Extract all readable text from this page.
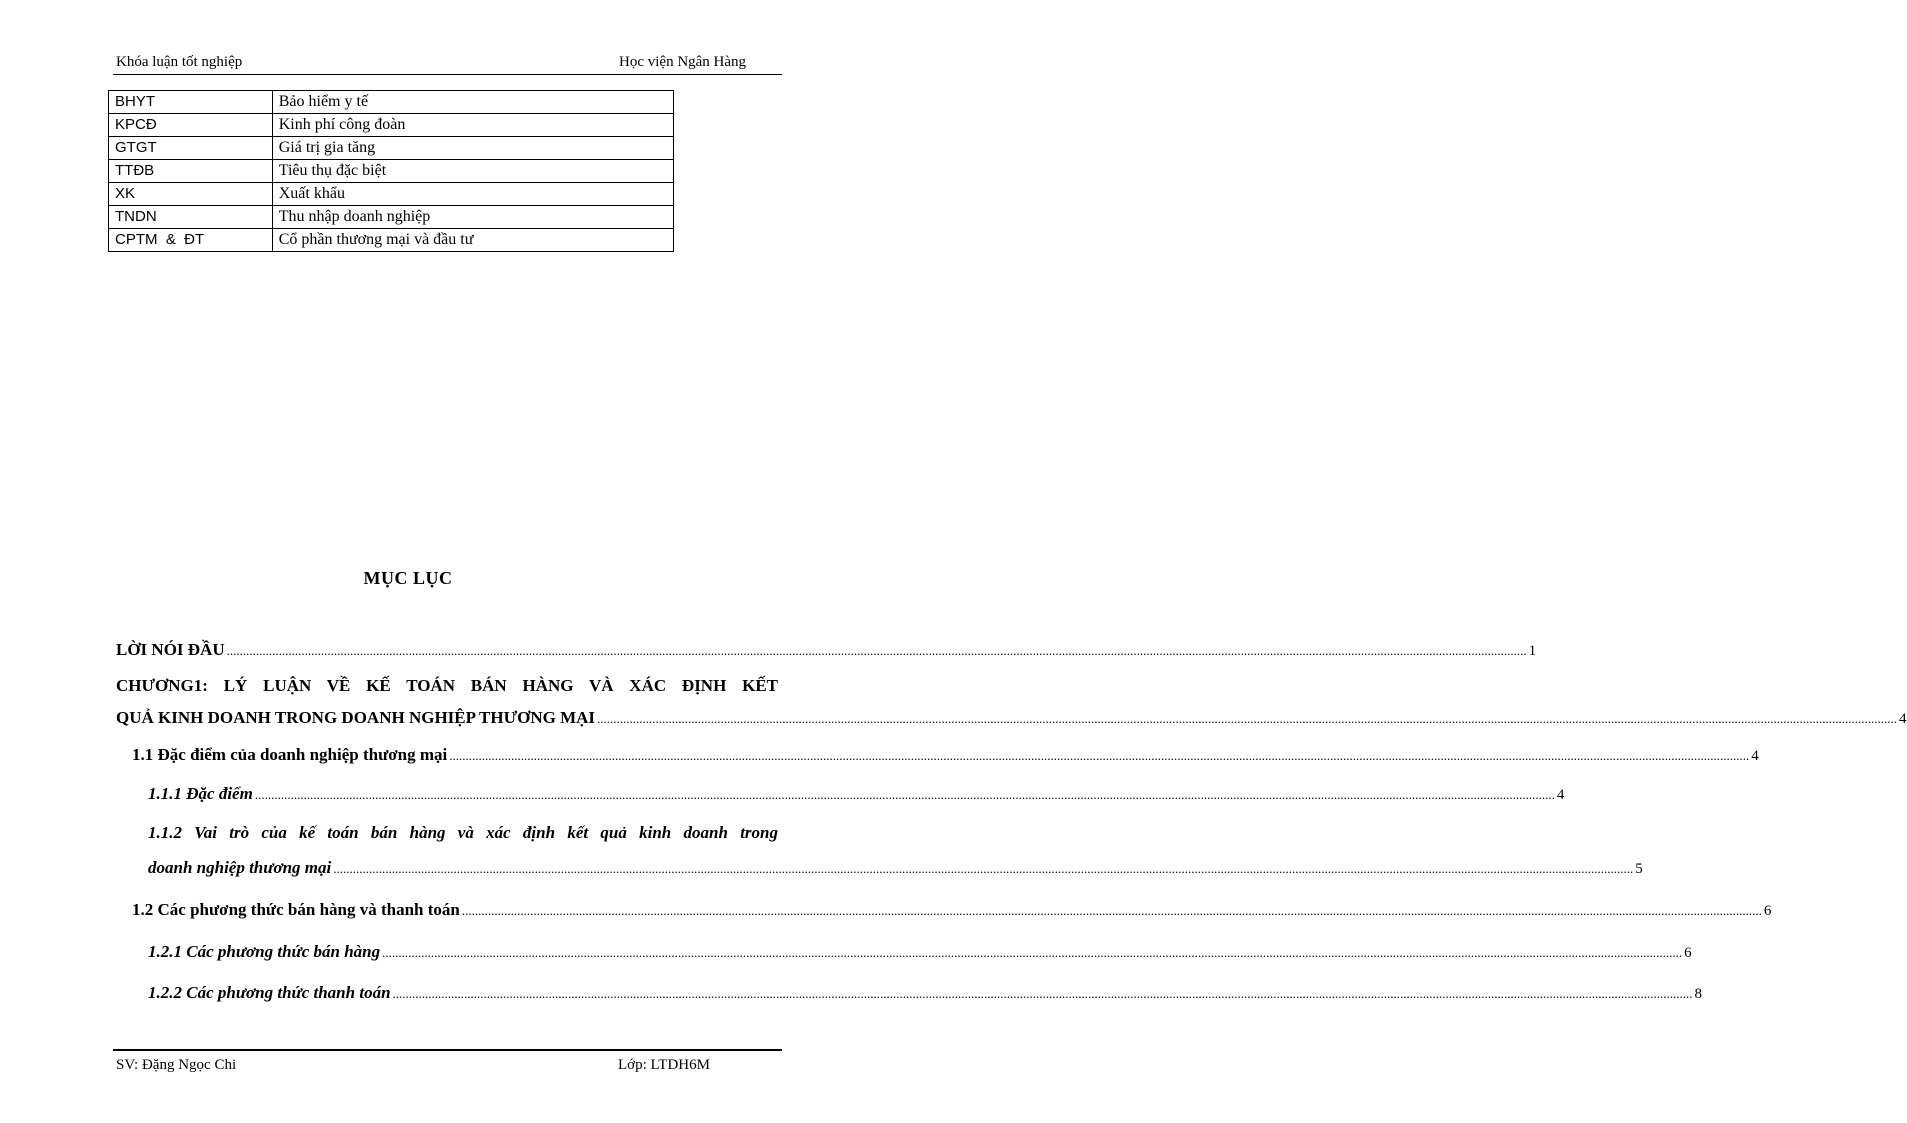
Khóa luận tốt nghiệp	Học viện Ngân Hàng
BHYT	Bảo hiểm y tế
KPCĐ	Kinh phí công đoàn
GTGT	Giá trị gia tăng
TTĐB	Tiêu thụ đặc biệt
XK	Xuất khẩu
TNDN	Thu nhập doanh nghiệp
CPTM  &  ĐT	Cổ phần thương mại và đầu tư
MỤC LỤC
LỜI NÓI ĐẦU ................................................................................................................................................................................................................................................................................................................................................................................................................ 1
CHƯƠNG1: LÝ LUẬN VỀ KẾ TOÁN BÁN HÀNG VÀ XÁC ĐỊNH KẾT
QUẢ KINH DOANH TRONG DOANH NGHIỆP THƯƠNG MẠI ................................................................................................................................................................................................................................................................................................................................................................................................................ 4
1.1 Đặc điểm của doanh nghiệp thương mại ................................................................................................................................................................................................................................................................................................................................................................................................................ 4
1.1.1 Đặc điểm ................................................................................................................................................................................................................................................................................................................................................................................................................ 4
1.1.2 Vai trò của kế toán bán hàng và xác định kết quả kinh doanh trong
doanh nghiệp thương mại ................................................................................................................................................................................................................................................................................................................................................................................................................ 5
1.2 Các phương thức bán hàng và thanh toán ................................................................................................................................................................................................................................................................................................................................................................................................................ 6
1.2.1 Các phương thức bán hàng ................................................................................................................................................................................................................................................................................................................................................................................................................ 6
1.2.2 Các phương thức thanh toán ................................................................................................................................................................................................................................................................................................................................................................................................................ 8
SV: Đặng Ngọc Chi	Lớp: LTDH6M
